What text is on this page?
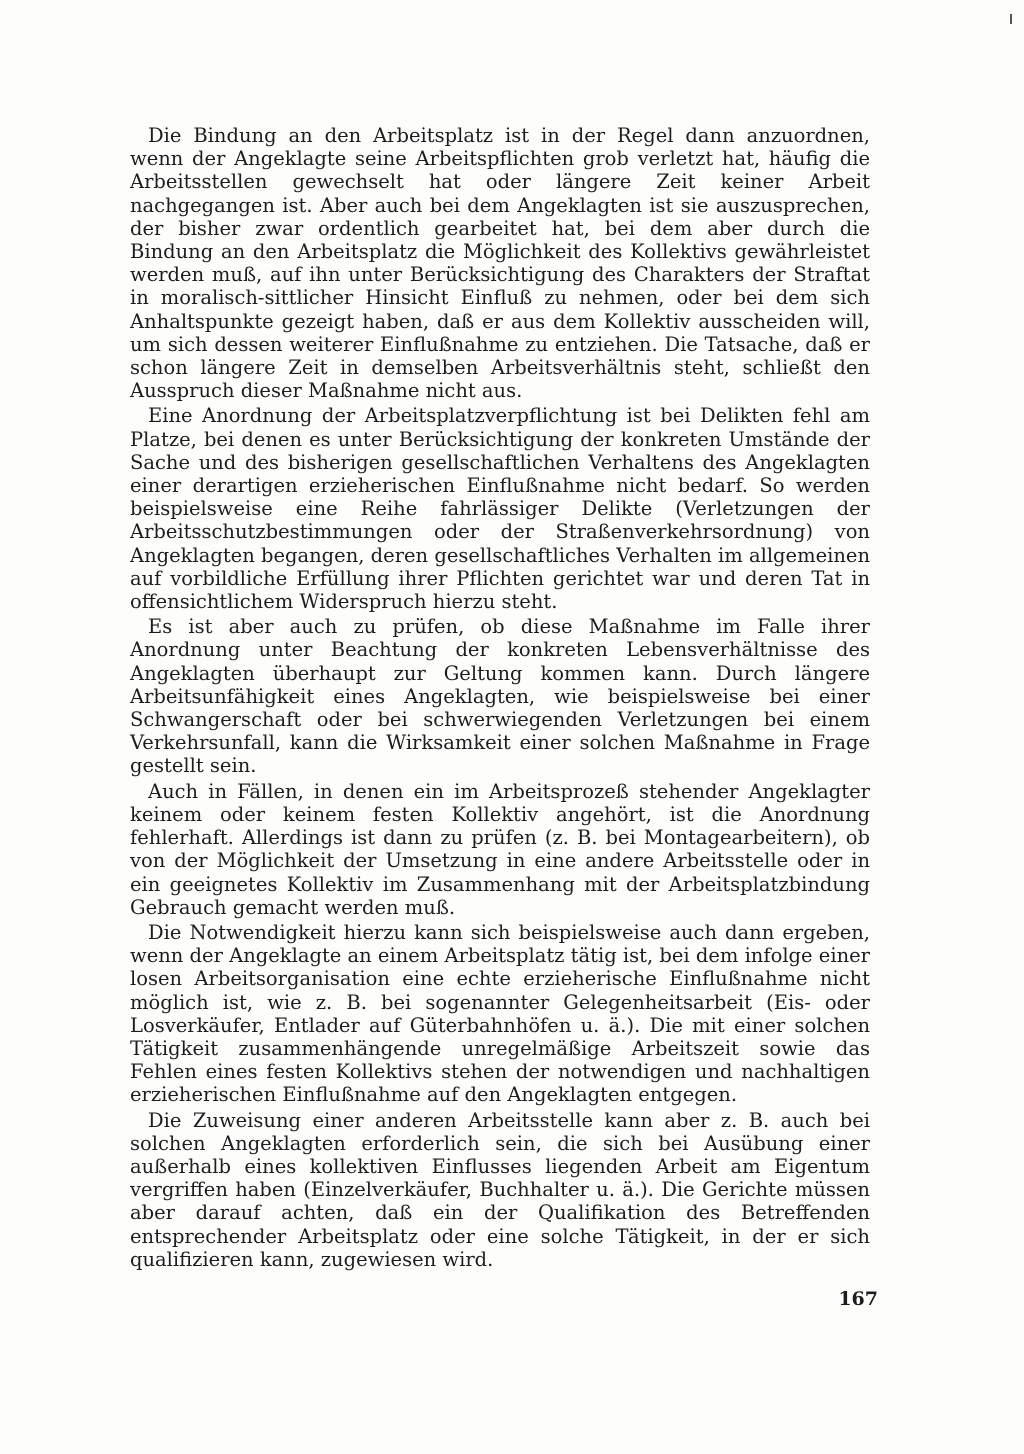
Die Bindung an den Arbeitsplatz ist in der Regel dann anzuordnen, wenn der Angeklagte seine Arbeitspflichten grob verletzt hat, häufig die Arbeitsstellen gewechselt hat oder längere Zeit keiner Arbeit nachgegangen ist. Aber auch bei dem Angeklagten ist sie auszusprechen, der bisher zwar ordentlich gearbeitet hat, bei dem aber durch die Bindung an den Arbeitsplatz die Möglichkeit des Kollektivs gewährleistet werden muß, auf ihn unter Berücksichtigung des Charakters der Straftat in moralisch-sittlicher Hinsicht Einfluß zu nehmen, oder bei dem sich Anhaltspunkte gezeigt haben, daß er aus dem Kollektiv ausscheiden will, um sich dessen weiterer Einflußnahme zu entziehen. Die Tatsache, daß er schon längere Zeit in demselben Arbeitsverhältnis steht, schließt den Ausspruch dieser Maßnahme nicht aus.

Eine Anordnung der Arbeitsplatzverpflichtung ist bei Delikten fehl am Platze, bei denen es unter Berücksichtigung der konkreten Umstände der Sache und des bisherigen gesellschaftlichen Verhaltens des Angeklagten einer derartigen erzieherischen Einflußnahme nicht bedarf. So werden beispielsweise eine Reihe fahrlässiger Delikte (Verletzungen der Arbeitsschutzbestimmungen oder der Straßenverkehrsordnung) von Angeklagten begangen, deren gesellschaftliches Verhalten im allgemeinen auf vorbildliche Erfüllung ihrer Pflichten gerichtet war und deren Tat in offensichtlichem Widerspruch hierzu steht.

Es ist aber auch zu prüfen, ob diese Maßnahme im Falle ihrer Anordnung unter Beachtung der konkreten Lebensverhältnisse des Angeklagten überhaupt zur Geltung kommen kann. Durch längere Arbeitsunfähigkeit eines Angeklagten, wie beispielsweise bei einer Schwangerschaft oder bei schwerwiegenden Verletzungen bei einem Verkehrsunfall, kann die Wirksamkeit einer solchen Maßnahme in Frage gestellt sein.

Auch in Fällen, in denen ein im Arbeitsprozeß stehender Angeklagter keinem oder keinem festen Kollektiv angehört, ist die Anordnung fehlerhaft. Allerdings ist dann zu prüfen (z. B. bei Montagearbeitern), ob von der Möglichkeit der Umsetzung in eine andere Arbeitsstelle oder in ein geeignetes Kollektiv im Zusammenhang mit der Arbeitsplatzbindung Gebrauch gemacht werden muß.

Die Notwendigkeit hierzu kann sich beispielsweise auch dann ergeben, wenn der Angeklagte an einem Arbeitsplatz tätig ist, bei dem infolge einer losen Arbeitsorganisation eine echte erzieherische Einflußnahme nicht möglich ist, wie z. B. bei sogenannter Gelegenheitsarbeit (Eis- oder Losverkäufer, Entlader auf Güterbahnhöfen u. ä.). Die mit einer solchen Tätigkeit zusammenhängende unregelmäßige Arbeitszeit sowie das Fehlen eines festen Kollektivs stehen der notwendigen und nachhaltigen erzieherischen Einflußnahme auf den Angeklagten entgegen.

Die Zuweisung einer anderen Arbeitsstelle kann aber z. B. auch bei solchen Angeklagten erforderlich sein, die sich bei Ausübung einer außerhalb eines kollektiven Einflusses liegenden Arbeit am Eigentum vergriffen haben (Einzelverkäufer, Buchhalter u. ä.). Die Gerichte müssen aber darauf achten, daß ein der Qualifikation des Betreffenden entsprechender Arbeitsplatz oder eine solche Tätigkeit, in der er sich qualifizieren kann, zugewiesen wird.

167
